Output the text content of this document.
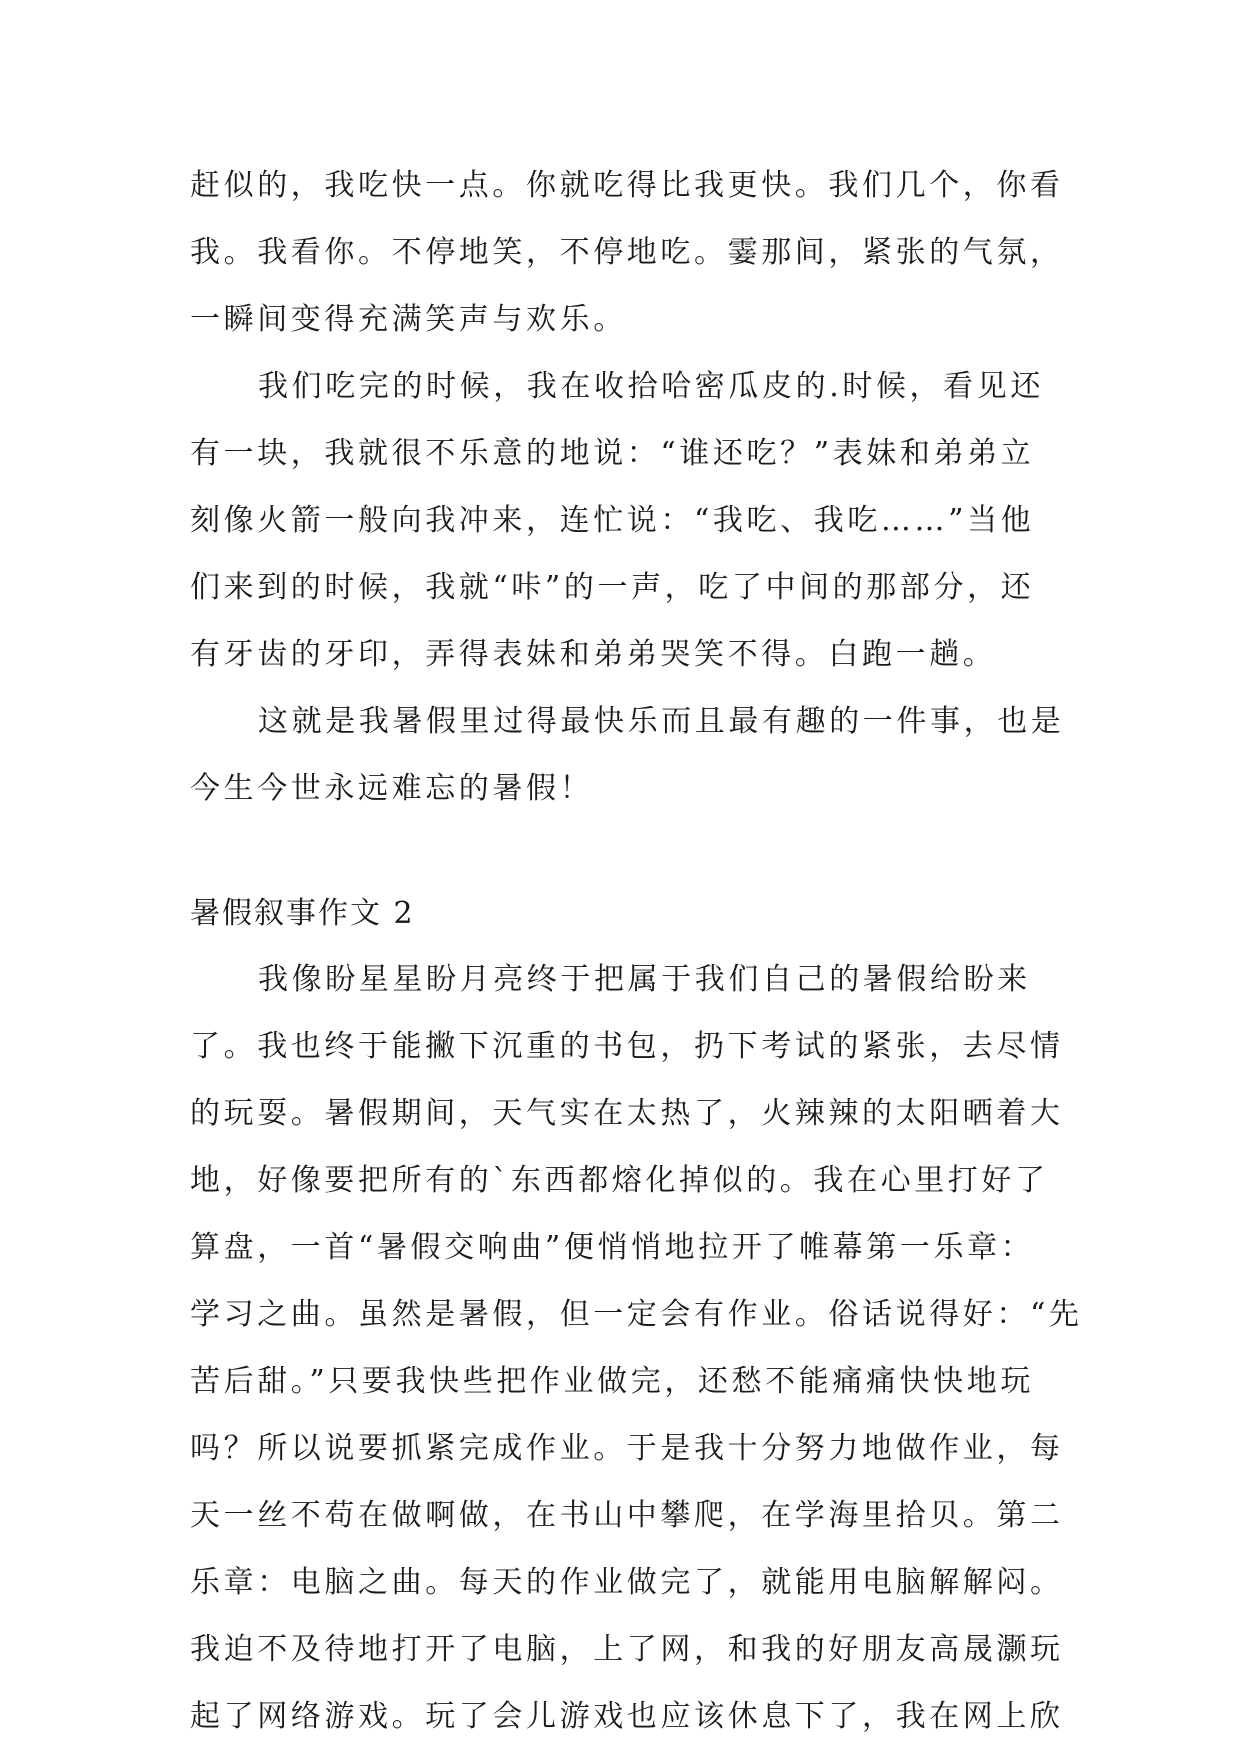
赶似的，我吃快一点。你就吃得比我更快。我们几个，你看
我。我看你。不停地笑，不停地吃。霎那间，紧张的气氛，
一瞬间变得充满笑声与欢乐。
我们吃完的时候，我在收拾哈密瓜皮的.时候，看见还
有一块，我就很不乐意的地说：“谁还吃？”表妹和弟弟立
刻像火箭一般向我冲来，连忙说：“我吃、我吃……”当他
们来到的时候，我就“咔”的一声，吃了中间的那部分，还
有牙齿的牙印，弄得表妹和弟弟哭笑不得。白跑一趟。
这就是我暑假里过得最快乐而且最有趣的一件事，也是
今生今世永远难忘的暑假！
暑假叙事作文 2
我像盼星星盼月亮终于把属于我们自己的暑假给盼来
了。我也终于能撇下沉重的书包，扔下考试的紧张，去尽情
的玩耍。暑假期间，天气实在太热了，火辣辣的太阳晒着大
地，好像要把所有的`东西都熔化掉似的。我在心里打好了
算盘，一首“暑假交响曲”便悄悄地拉开了帷幕第一乐章：
学习之曲。虽然是暑假，但一定会有作业。俗话说得好：“先
苦后甜。”只要我快些把作业做完，还愁不能痛痛快快地玩
吗？所以说要抓紧完成作业。于是我十分努力地做作业，每
天一丝不苟在做啊做，在书山中攀爬，在学海里拾贝。第二
乐章：电脑之曲。每天的作业做完了，就能用电脑解解闷。
我迫不及待地打开了电脑，上了网，和我的好朋友高晟灏玩
起了网络游戏。玩了会儿游戏也应该休息下了，我在网上欣
